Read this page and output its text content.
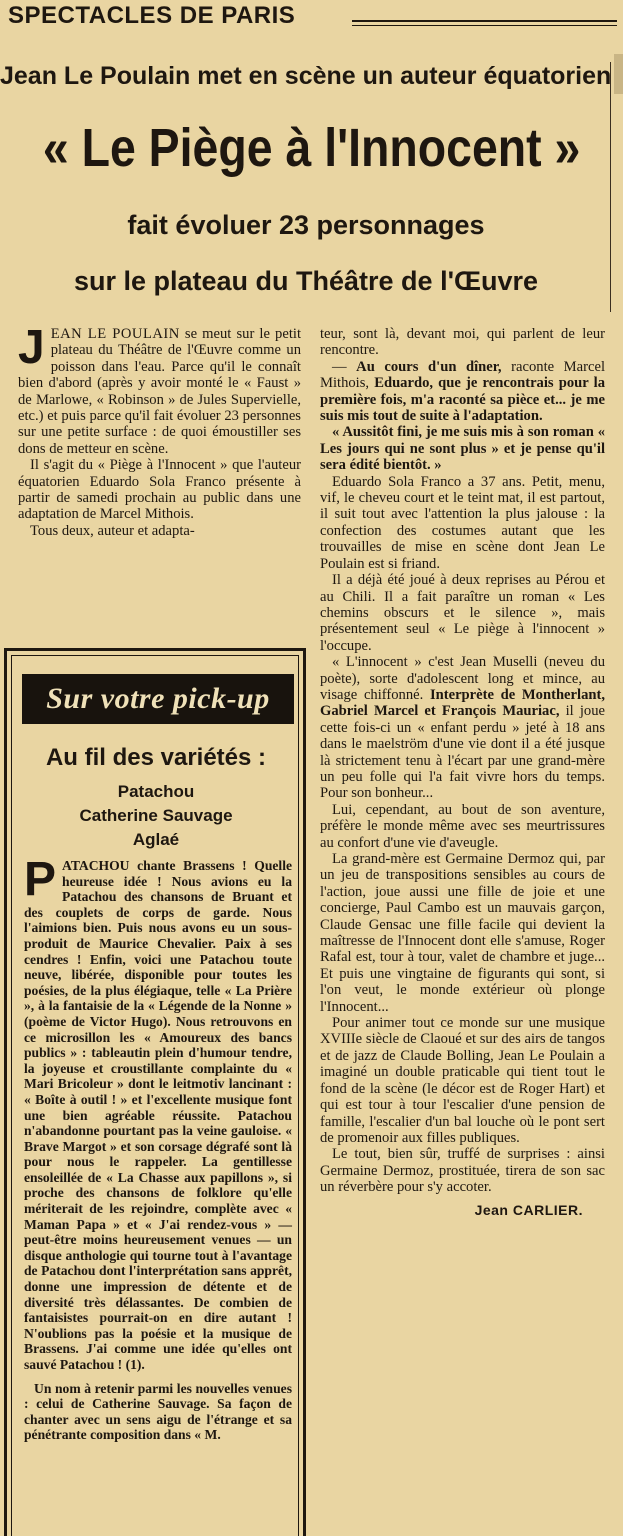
SPECTACLES DE PARIS
Jean Le Poulain met en scène un auteur équatorien
« Le Piège à l'Innocent »
fait évoluer 23 personnages
sur le plateau du Théâtre de l'Œuvre

JEAN LE POULAIN se meut sur le petit plateau du Théâtre de l'Œuvre comme un poisson dans l'eau. Parce qu'il le connaît bien d'abord (après y avoir monté le « Faust » de Marlowe, « Robinson » de Jules Supervielle, etc.) et puis parce qu'il fait évoluer 23 personnes sur une petite surface : de quoi émoustiller ses dons de metteur en scène.

Il s'agit du « Piège à l'Innocent » que l'auteur équatorien Eduardo Sola Franco présente à partir de samedi prochain au public dans une adaptation de Marcel Mithois.

Tous deux, auteur et adapta-

teur, sont là, devant moi, qui parlent de leur rencontre.

— Au cours d'un dîner, raconte Marcel Mithois, Eduardo, que je rencontrais pour la première fois, m'a raconté sa pièce et... je me suis mis tout de suite à l'adaptation.

« Aussitôt fini, je me suis mis à son roman « Les jours qui ne sont plus » et je pense qu'il sera édité bientôt. »

Eduardo Sola Franco a 37 ans. Petit, menu, vif, le cheveu court et le teint mat, il est partout, il suit tout avec l'attention la plus jalouse : la confection des costumes autant que les trouvailles de mise en scène dont Jean Le Poulain est si friand.

Il a déjà été joué à deux reprises au Pérou et au Chili. Il a fait paraître un roman « Les chemins obscurs et le silence », mais présentement seul « Le piège à l'innocent » l'occupe.

« L'innocent » c'est Jean Muselli (neveu du poète), sorte d'adolescent long et mince, au visage chiffonné. Interprète de Montherlant, Gabriel Marcel et François Mauriac, il joue cette fois-ci un « enfant perdu » jeté à 18 ans dans le maelström d'une vie dont il a été jusque là strictement tenu à l'écart par une grand-mère un peu folle qui l'a fait vivre hors du temps. Pour son bonheur...

Lui, cependant, au bout de son aventure, préfère le monde même avec ses meurtrissures au confort d'une vie d'aveugle.

La grand-mère est Germaine Dermoz qui, par un jeu de transpositions sensibles au cours de l'action, joue aussi une fille de joie et une concierge, Paul Cambo est un mauvais garçon, Claude Gensac une fille facile qui devient la maîtresse de l'Innocent dont elle s'amuse, Roger Rafal est, tour à tour, valet de chambre et juge... Et puis une vingtaine de figurants qui sont, si l'on veut, le monde extérieur où plonge l'Innocent...

Pour animer tout ce monde sur une musique XVIIIe siècle de Claoué et sur des airs de tangos et de jazz de Claude Bolling, Jean Le Poulain a imaginé un double praticable qui tient tout le fond de la scène (le décor est de Roger Hart) et qui est tour à tour l'escalier d'une pension de famille, l'escalier d'un bal louche où le pont sert de promenoir aux filles publiques.

Le tout, bien sûr, truffé de surprises : ainsi Germaine Dermoz, prostituée, tirera de son sac un réverbère pour s'y accoter.

Jean CARLIER.
Sur votre pick-up
Au fil des variétés :
Patachou
Catherine Sauvage
Aglaé

PATACHOU chante Brassens ! Quelle heureuse idée ! Nous avions eu la Patachou des chansons de Bruant et des couplets de corps de garde. Nous l'aimions bien. Puis nous avons eu un sous-produit de Maurice Chevalier. Paix à ses cendres ! Enfin, voici une Patachou toute neuve, libérée, disponible pour toutes les poésies, de la plus élégiaque, telle « La Prière », à la fantaisie de la « Légende de la Nonne » (poème de Victor Hugo). Nous retrouvons en ce microsillon les « Amoureux des bancs publics » : tableautin plein d'humour tendre, la joyeuse et croustillante complainte du « Mari Bricoleur » dont le leitmotiv lancinant : « Boîte à outil ! » et l'excellente musique font une bien agréable réussite. Patachou n'abandonne pourtant pas la veine gauloise. « Brave Margot » et son corsage dégrafé sont là pour nous le rappeler. La gentillesse ensoleillée de « La Chasse aux papillons », si proche des chansons de folklore qu'elle mériterait de les rejoindre, complète avec « Maman Papa » et « J'ai rendez-vous » — peut-être moins heureusement venues — un disque anthologie qui tourne tout à l'avantage de Patachou dont l'interprétation sans apprêt, donne une impression de détente et de diversité très délassantes. De combien de fantaisistes pourrait-on en dire autant ! N'oublions pas la poésie et la musique de Brassens. J'ai comme une idée qu'elles ont sauvé Patachou ! (1).

Un nom à retenir parmi les nouvelles venues : celui de Catherine Sauvage. Sa façon de chanter avec un sens aigu de l'étrange et sa pénétrante composition dans « M.
